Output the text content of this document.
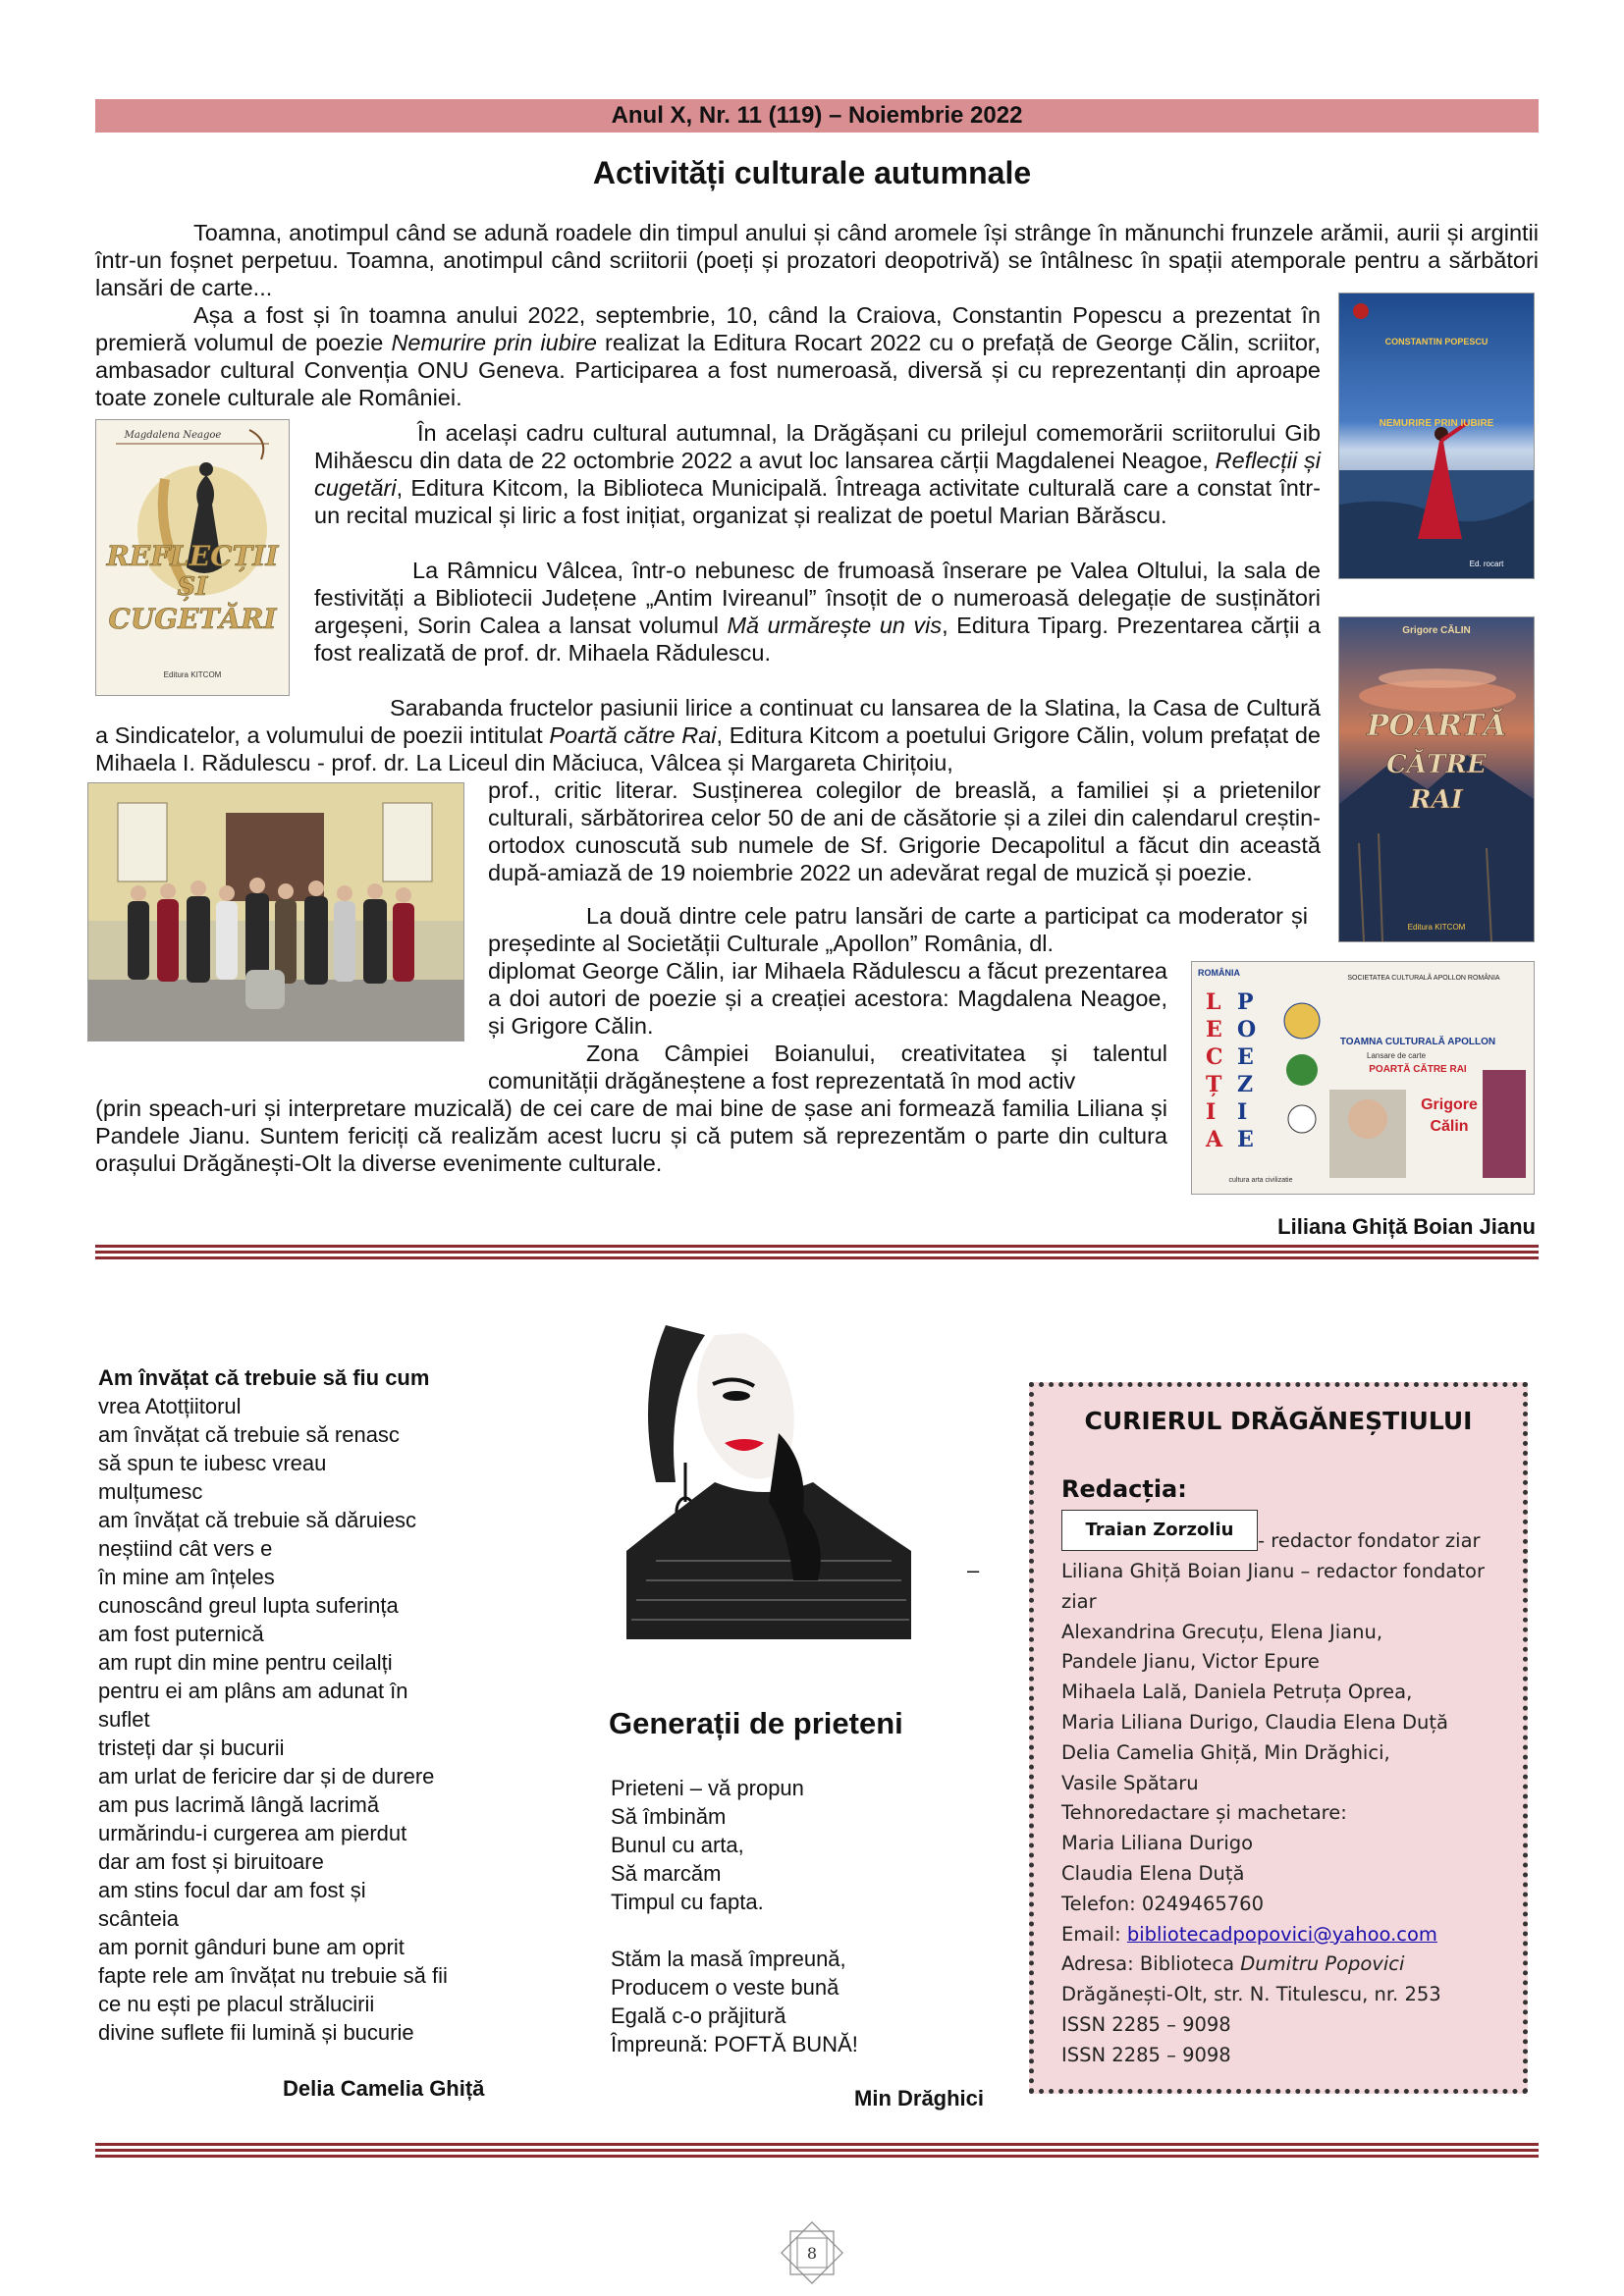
Anul X, Nr. 11 (119) – Noiembrie 2022
Activități culturale autumnale

Toamna, anotimpul când se adună roadele din timpul anului și când aromele își strânge în mănunchi frunzele arămii, aurii și argintii într-un foșnet perpetuu. Toamna, anotimpul când scriitorii (poeți și prozatori deopotrivă) se întâlnesc în spații atemporale pentru a sărbători lansări de carte...

Așa a fost și în toamna anului 2022, septembrie, 10, când la Craiova, Constantin Popescu a prezentat în premieră volumul de poezie Nemurire prin iubire realizat la Editura Rocart 2022 cu o prefață de George Călin, scriitor, ambasador cultural Convenția ONU Geneva. Participarea a fost numeroasă, diversă și cu reprezentanți din aproape toate zonele culturale ale României.

CONSTANTIN POPESCU
NEMURIRE PRIN IUBIRE
Ed. rocart
Magdalena Neagoe
REFLECȚII
ȘI
CUGETĂRI
Editura KITCOM

În același cadru cultural autumnal, la Drăgășani cu prilejul comemorării scriitorului Gib Mihăescu din data de 22 octombrie 2022 a avut loc lansarea cărții Magdalenei Neagoe, Reflecții și cugetări, Editura Kitcom, la Biblioteca Municipală. Întreaga activitate culturală care a constat într-un recital muzical și liric a fost inițiat, organizat și realizat de poetul Marian Bărăscu.

La Râmnicu Vâlcea, într-o nebunesc de frumoasă înserare pe Valea Oltului, la sala de festivități a Bibliotecii Județene „Antim Ivireanul” însoțit de o numeroasă delegație de susținători argeșeni, Sorin Calea a lansat volumul Mă urmărește un vis, Editura Tiparg. Prezentarea cărții a fost realizată de prof. dr. Mihaela Rădulescu.

Grigore CĂLIN
POARTĂ
CĂTRE
RAI
Editura KITCOM

Sarabanda fructelor pasiunii lirice a continuat cu lansarea de la Slatina, la Casa de Cultură a Sindicatelor, a volumului de poezii intitulat Poartă către Rai, Editura Kitcom a poetului Grigore Călin, volum prefațat de Mihaela I. Rădulescu - prof. dr. La Liceul din Măciuca, Vâlcea și Margareta Chirițoiu,

prof., critic literar. Susținerea colegilor de breaslă, a familiei și a prietenilor culturali, sărbătorirea celor 50 de ani de căsătorie și a zilei din calendarul creștin-ortodox cunoscută sub numele de Sf. Grigorie Decapolitul a făcut din această după-amiază de 19 noiembrie 2022 un adevărat regal de muzică și poezie.

ROMÂNIA
L
E
C
Ț
I
A
P
O
E
Z
I
E
SOCIETATEA CULTURALĂ APOLLON ROMÂNIA
TOAMNA CULTURALĂ APOLLON
Lansare de carte
POARTĂ CĂTRE RAI
Grigore
Călin
cultura arta civilizatie

La două dintre cele patru lansări de carte a participat ca moderator și președinte al Societății Culturale „Apollon” România, dl.

diplomat George Călin, iar Mihaela Rădulescu a făcut prezentarea a doi autori de poezie și a creației acestora: Magdalena Neagoe, și Grigore Călin.

Zona Câmpiei Boianului, creativitatea și talentul comunității drăgăneștene a fost reprezentată în mod activ

(prin speach-uri și interpretare muzicală) de cei care de mai bine de șase ani formează familia Liliana și Pandele Jianu. Suntem fericiți că realizăm acest lucru și că putem să reprezentăm o parte din cultura orașului Drăgănești-Olt la diverse evenimente culturale.

Liliana Ghiță Boian Jianu
Am învățat că trebuie să fiu cum
vrea Atotțiitorul
am învățat că trebuie să renasc
să spun te iubesc vreau
mulțumesc
am învățat că trebuie să dăruiesc
neștiind cât vers e
în mine am înțeles
cunoscând greul lupta suferința
am fost puternică
am rupt din mine pentru ceilalți
pentru ei am plâns am adunat în
suflet
tristeți dar și bucurii
am urlat de fericire dar și de durere
am pus lacrimă lângă lacrimă
urmărindu-i curgerea am pierdut
dar am fost și biruitoare
am stins focul dar am fost și
scânteia
am pornit gânduri bune am oprit
fapte rele am învățat nu trebuie să fii
ce nu ești pe placul strălucirii
divine suflete fii lumină și bucurie
Delia Camelia Ghiță
–
Generații de prieteni
Prieteni – vă propun
Să îmbinăm
Bunul cu arta,
Să marcăm
Timpul cu fapta.
Stăm la masă împreună,
Producem o veste bună
Egală c-o prăjitură
Împreună: POFTĂ BUNĂ!
Min Drăghici
CURIERUL DRĂGĂNEȘTIULUI
Redacția:
Traian Zorzoliu	- redactor fondator ziar
Liliana Ghiță Boian Jianu – redactor fondator
ziar
Alexandrina Grecuțu, Elena Jianu,
Pandele Jianu, Victor Epure
Mihaela Lală, Daniela Petruța Oprea,
Maria Liliana Durigo, Claudia Elena Duță
Delia Camelia Ghiță, Min Drăghici,
Vasile Spătaru
Tehnoredactare și machetare:
Maria Liliana Durigo
Claudia Elena Duță
Telefon: 0249465760
Email: bibliotecadpopovici@yahoo.com
Adresa: Biblioteca Dumitru Popovici
Drăgănești-Olt, str. N. Titulescu, nr. 253
ISSN 2285 – 9098
ISSN 2285 – 9098
8
